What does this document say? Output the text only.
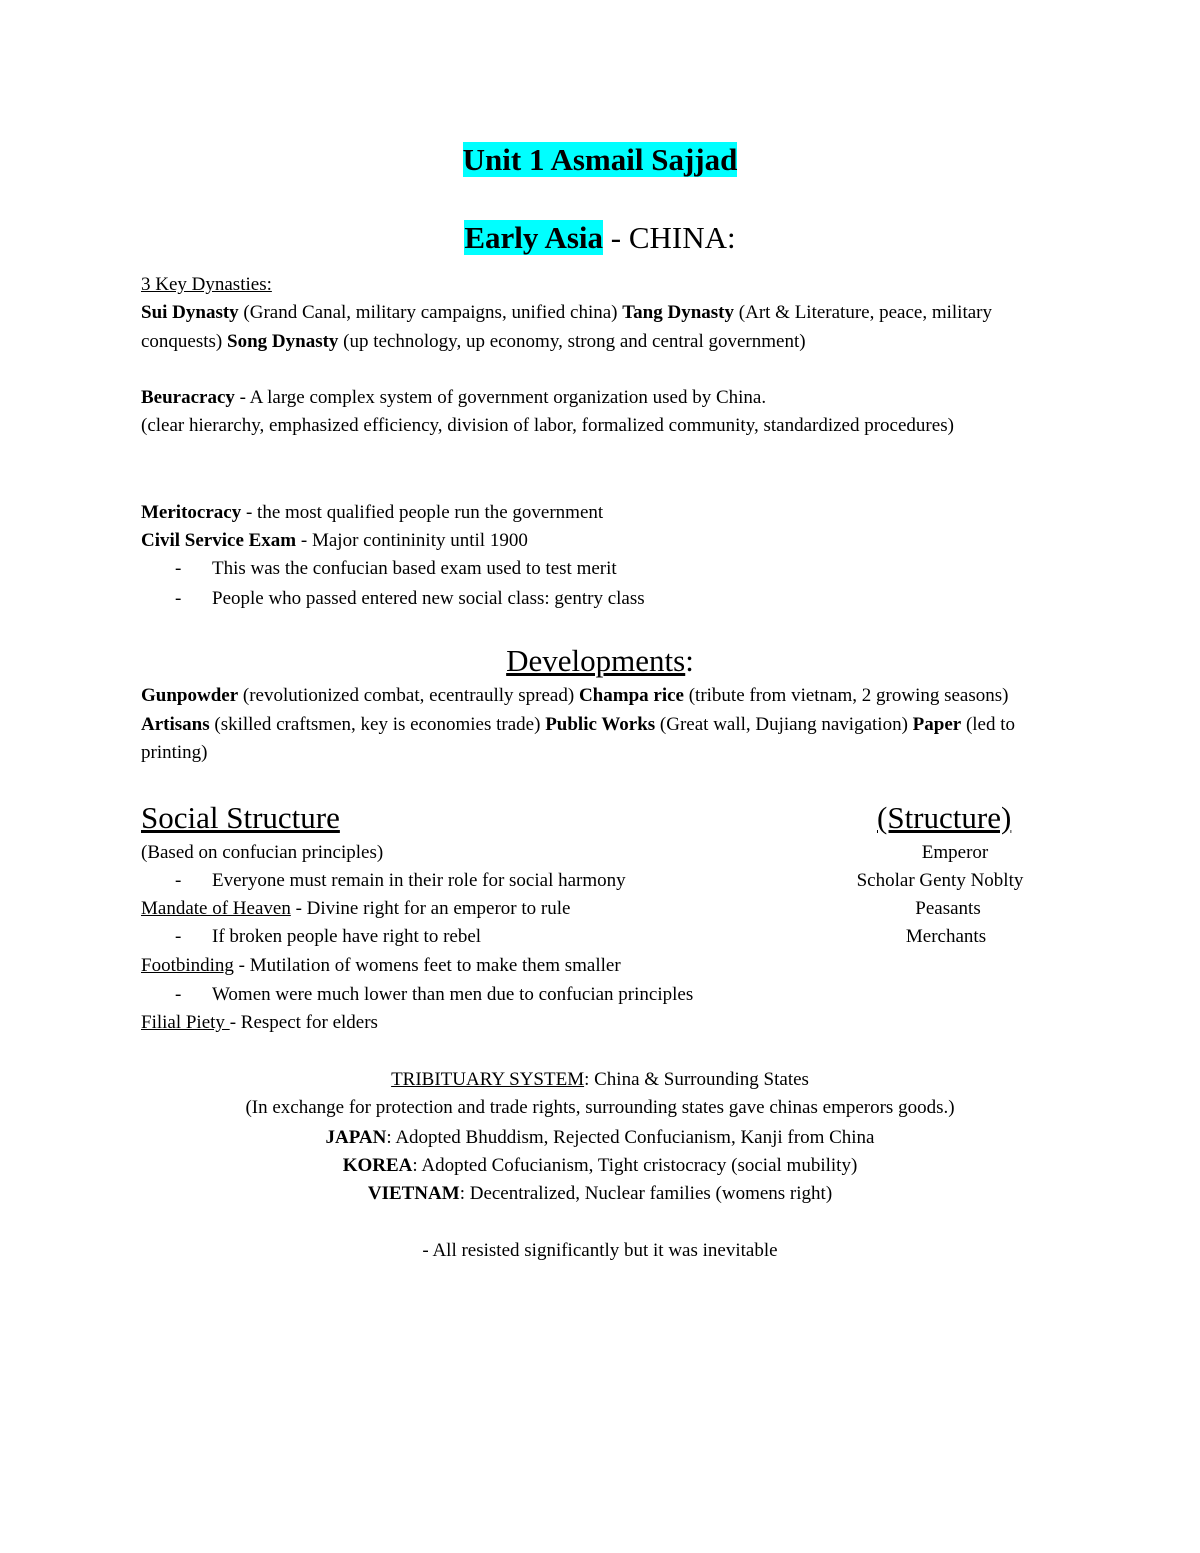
Unit 1 Asmail Sajjad
Early Asia - CHINA:
3 Key Dynasties:
Sui Dynasty (Grand Canal, military campaigns, unified china) Tang Dynasty (Art & Literature, peace, military conquests) Song Dynasty (up technology, up economy, strong and central government)
Beuracracy - A large complex system of government organization used by China.
(clear hierarchy, emphasized efficiency, division of labor, formalized community, standardized procedures)
Meritocracy - the most qualified people run the government
Civil Service Exam - Major contininity until 1900
- This was the confucian based exam used to test merit
- People who passed entered new social class: gentry class
Developments:
Gunpowder (revolutionized combat, ecentraully spread) Champa rice (tribute from vietnam, 2 growing seasons) Artisans (skilled craftsmen, key is economies trade) Public Works (Great wall, Dujiang navigation) Paper (led to printing)
Social Structure	(Structure)
(Based on confucian principles)
- Everyone must remain in their role for social harmony
Mandate of Heaven - Divine right for an emperor to rule
- If broken people have right to rebel
Footbinding - Mutilation of womens feet to make them smaller
- Women were much lower than men due to confucian principles
Filial Piety - Respect for elders
Emperor
Scholar Genty Noblty
Peasants
Merchants
TRIBITUARY SYSTEM: China & Surrounding States
(In exchange for protection and trade rights, surrounding states gave chinas emperors goods.)
JAPAN: Adopted Bhuddism, Rejected Confucianism, Kanji from China
KOREA: Adopted Cofucianism, Tight cristocracy (social mubility)
VIETNAM: Decentralized, Nuclear families (womens right)
- All resisted significantly but it was inevitable
